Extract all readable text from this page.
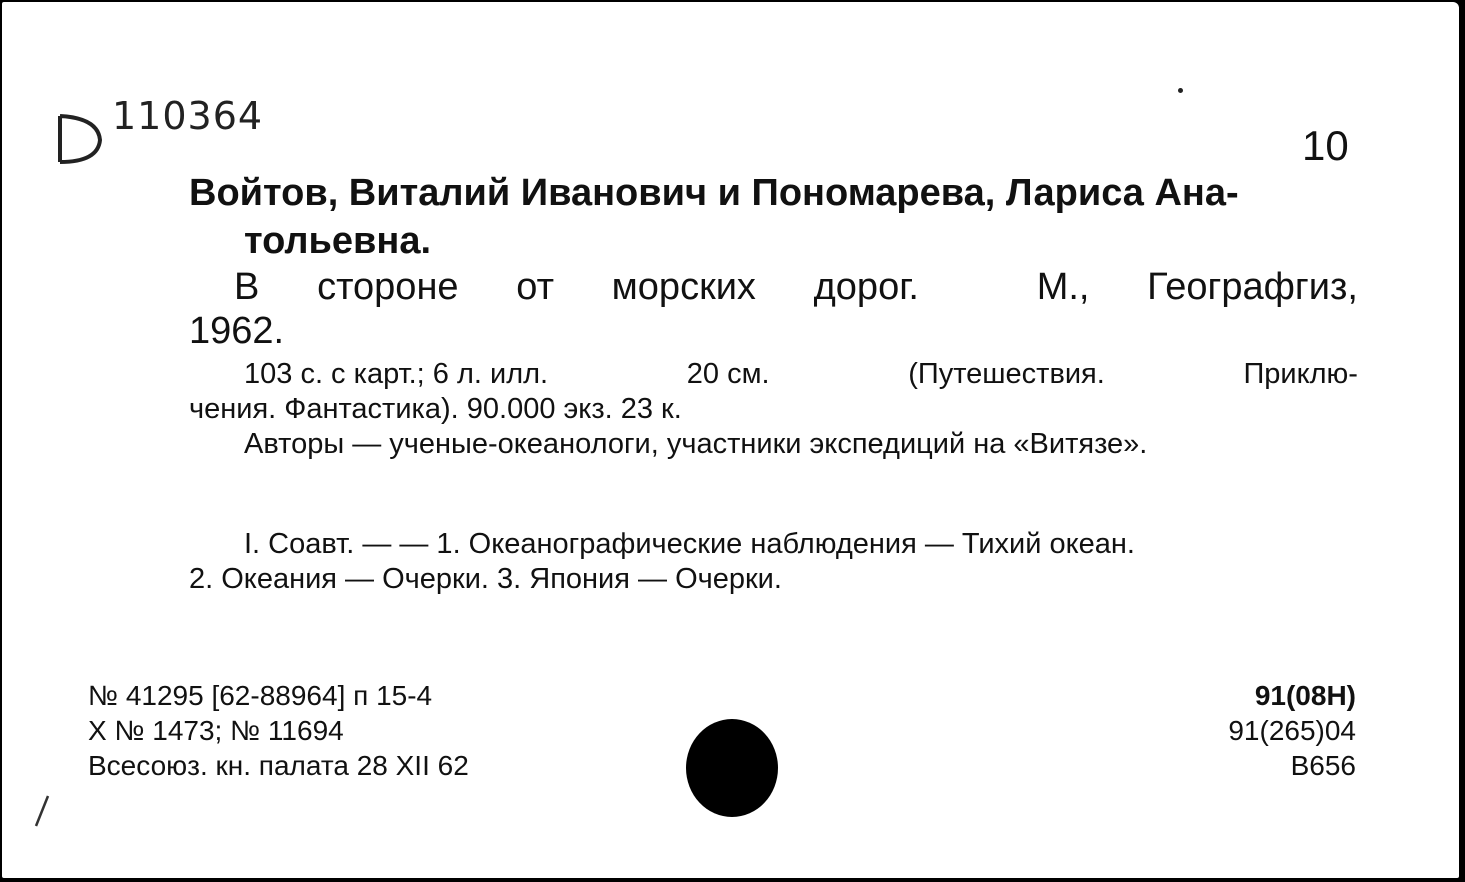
110364
10
Войтов, Виталий Иванович и Пономарева, Лариса Ана-
тольевна.
В стороне от морских дорог.	М., Географгиз,
1962.
103 с. с карт.; 6 л. илл.	20 см.	(Путешествия.	Приклю-
чения. Фантастика). 90.000 экз. 23 к.
Авторы — ученые-океанологи, участники экспедиций на «Витязе».
I. Соавт. — — 1. Океанографические наблюдения — Тихий океан.
2. Океания — Очерки. 3. Япония — Очерки.
№ 41295 [62-88964] п 15-4
X № 1473; № 11694
Всесоюз. кн. палата 28 XII 62
91(08Н)
91(265)04
В656
